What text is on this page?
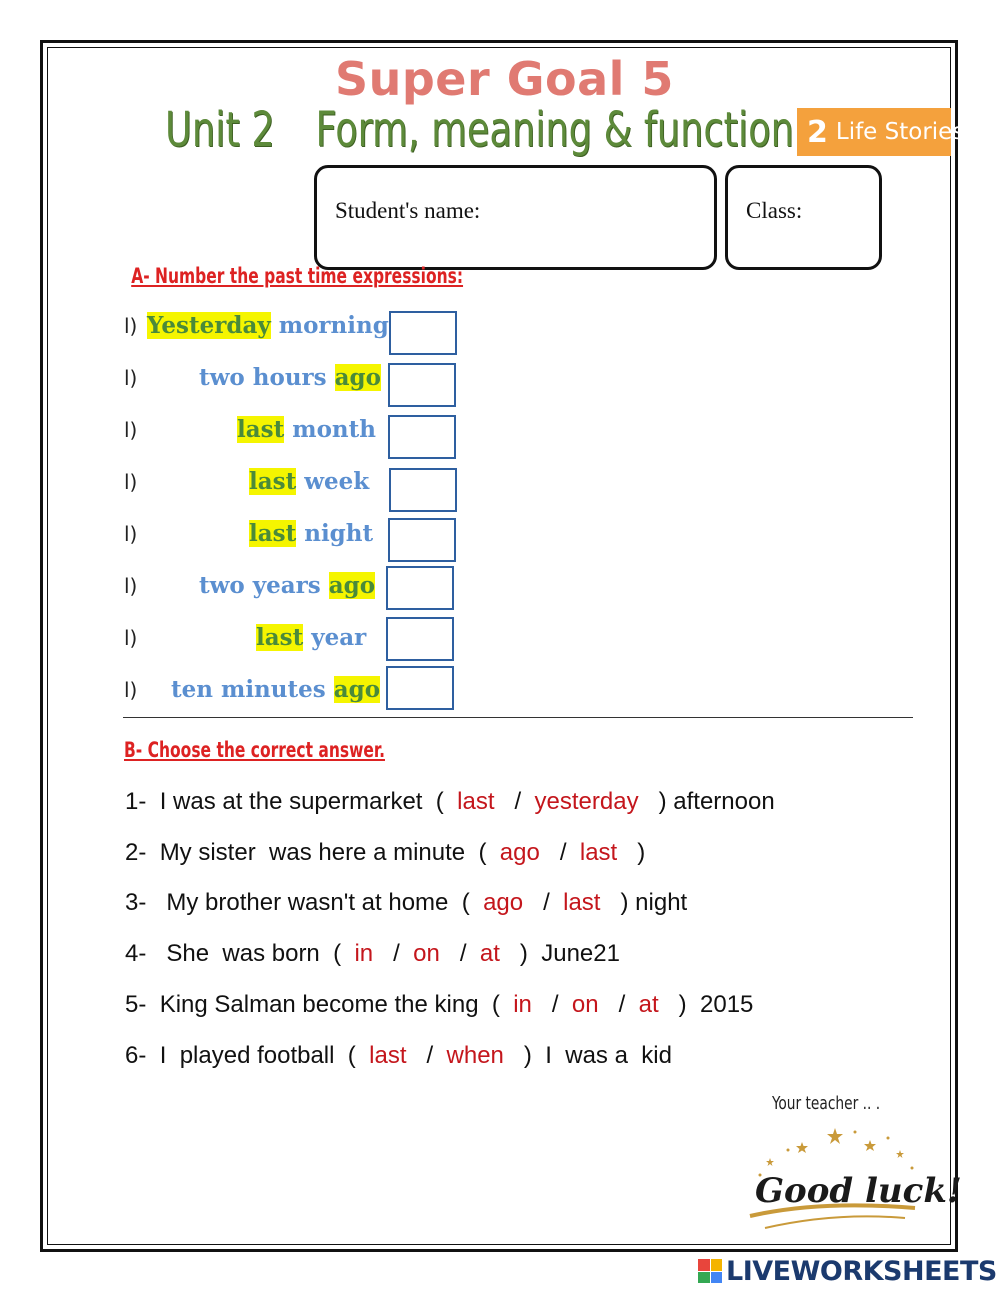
Super Goal 5
Unit 2 Form, meaning & function 2 Life Stories
Student's name:	Class:
A- Number the past time expressions:
l) Yesterday morning
l)	two hours ago
l)	last month
l)	last week
l)	last night
l)	two years ago
l)	last year
l) ten minutes ago
B- Choose the correct answer.
1- I was at the supermarket  ( last   / yesterday ) afternoon
2- My sister  was here a minute  ( ago   / last )
3-   My brother wasn't at home  ( ago   / last ) night
4-   She  was born  ( in   / on   / at )  June21
5- King Salman become the king  ( in   / on   / at )  2015
6- I  played football  ( last   / when )  I  was a  kid
Your teacher .. .
Good luck!
LIVEWORKSHEETS
